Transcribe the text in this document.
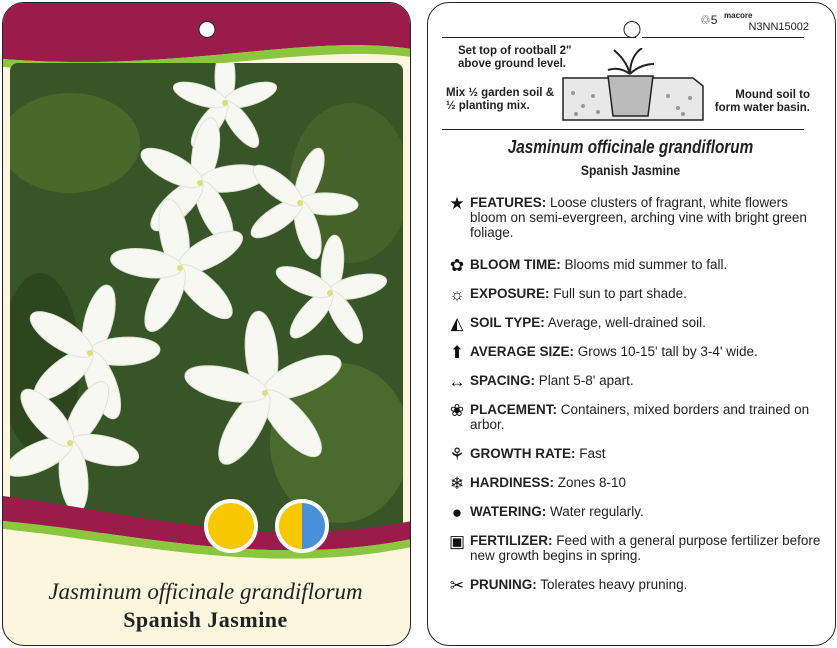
Jasminum officinale grandiflorum
Spanish Jasmine
♲5 macore
N3NN15002
Set top of rootball 2" above ground level.
Mix ½ garden soil & ½ planting mix.
Mound soil to form water basin.
Jasminum officinale grandiflorum
Spanish Jasmine
★ FEATURES: Loose clusters of fragrant, white flowers bloom on semi-evergreen, arching vine with bright green foliage.
✿ BLOOM TIME: Blooms mid summer to fall.
☼ EXPOSURE: Full sun to part shade.
◭ SOIL TYPE: Average, well-drained soil.
⬆ AVERAGE SIZE: Grows 10-15' tall by 3-4' wide.
↔ SPACING: Plant 5-8' apart.
❀ PLACEMENT: Containers, mixed borders and trained on arbor.
⚘ GROWTH RATE: Fast
❄ HARDINESS: Zones 8-10
● WATERING: Water regularly.
▣ FERTILIZER: Feed with a general purpose fertilizer before new growth begins in spring.
✂ PRUNING: Tolerates heavy pruning.
